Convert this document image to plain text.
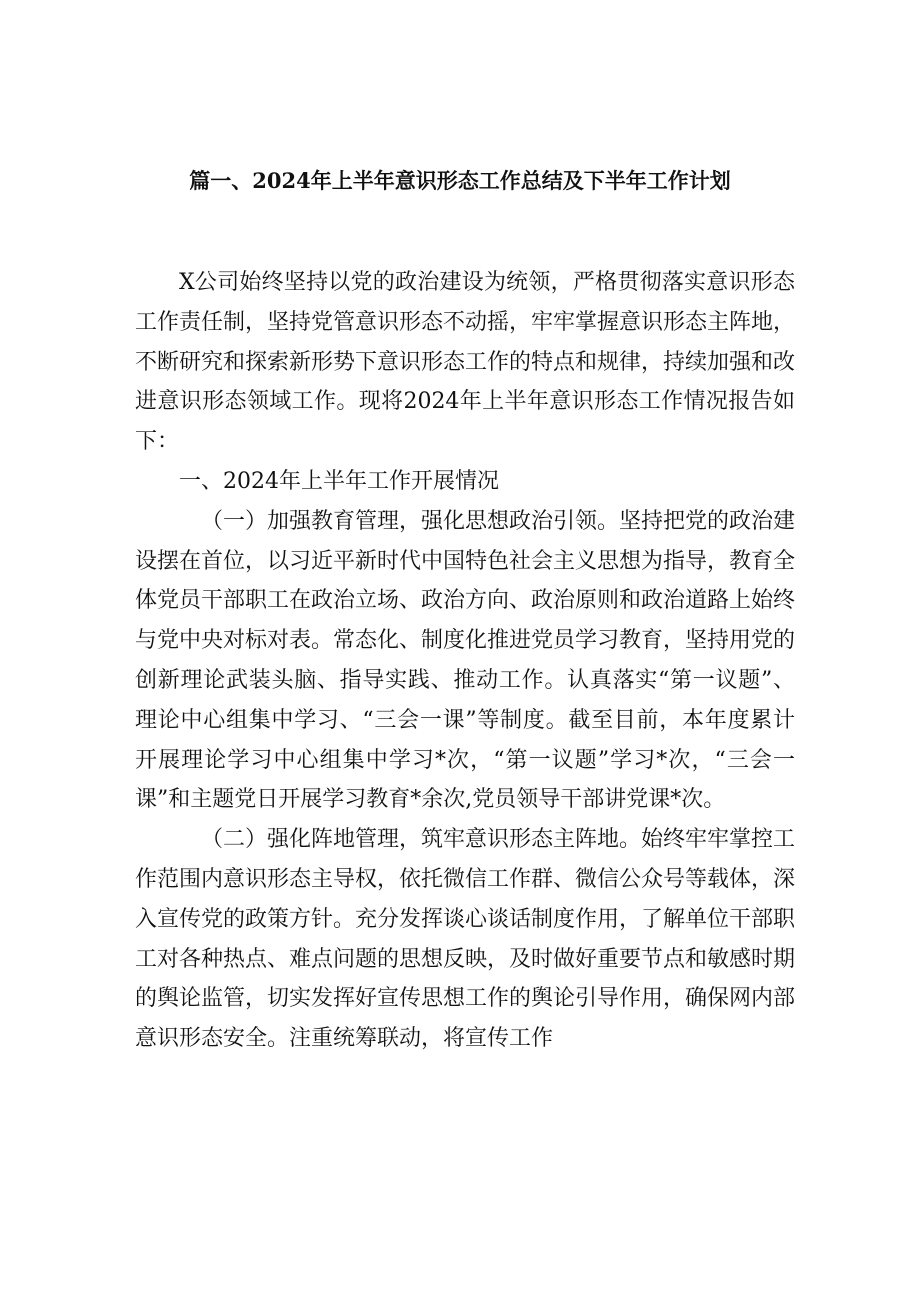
篇一、2024年上半年意识形态工作总结及下半年工作计划

X公司始终坚持以党的政治建设为统领，严格贯彻落实意识形态工作责任制，坚持党管意识形态不动摇，牢牢掌握意识形态主阵地，不断研究和探索新形势下意识形态工作的特点和规律，持续加强和改进意识形态领域工作。现将2024年上半年意识形态工作情况报告如下：

一、2024年上半年工作开展情况

（一）加强教育管理，强化思想政治引领。坚持把党的政治建设摆在首位，以习近平新时代中国特色社会主义思想为指导，教育全体党员干部职工在政治立场、政治方向、政治原则和政治道路上始终与党中央对标对表。常态化、制度化推进党员学习教育，坚持用党的创新理论武装头脑、指导实践、推动工作。认真落实“第一议题”、理论中心组集中学习、“三会一课”等制度。截至目前，本年度累计开展理论学习中心组集中学习*次，“第一议题”学习*次，“三会一课”和主题党日开展学习教育*余次,党员领导干部讲党课*次。

（二）强化阵地管理，筑牢意识形态主阵地。始终牢牢掌控工作范围内意识形态主导权，依托微信工作群、微信公众号等载体，深入宣传党的政策方针。充分发挥谈心谈话制度作用，了解单位干部职工对各种热点、难点问题的思想反映，及时做好重要节点和敏感时期的舆论监管，切实发挥好宣传思想工作的舆论引导作用，确保网内部意识形态安全。注重统筹联动，将宣传工作
